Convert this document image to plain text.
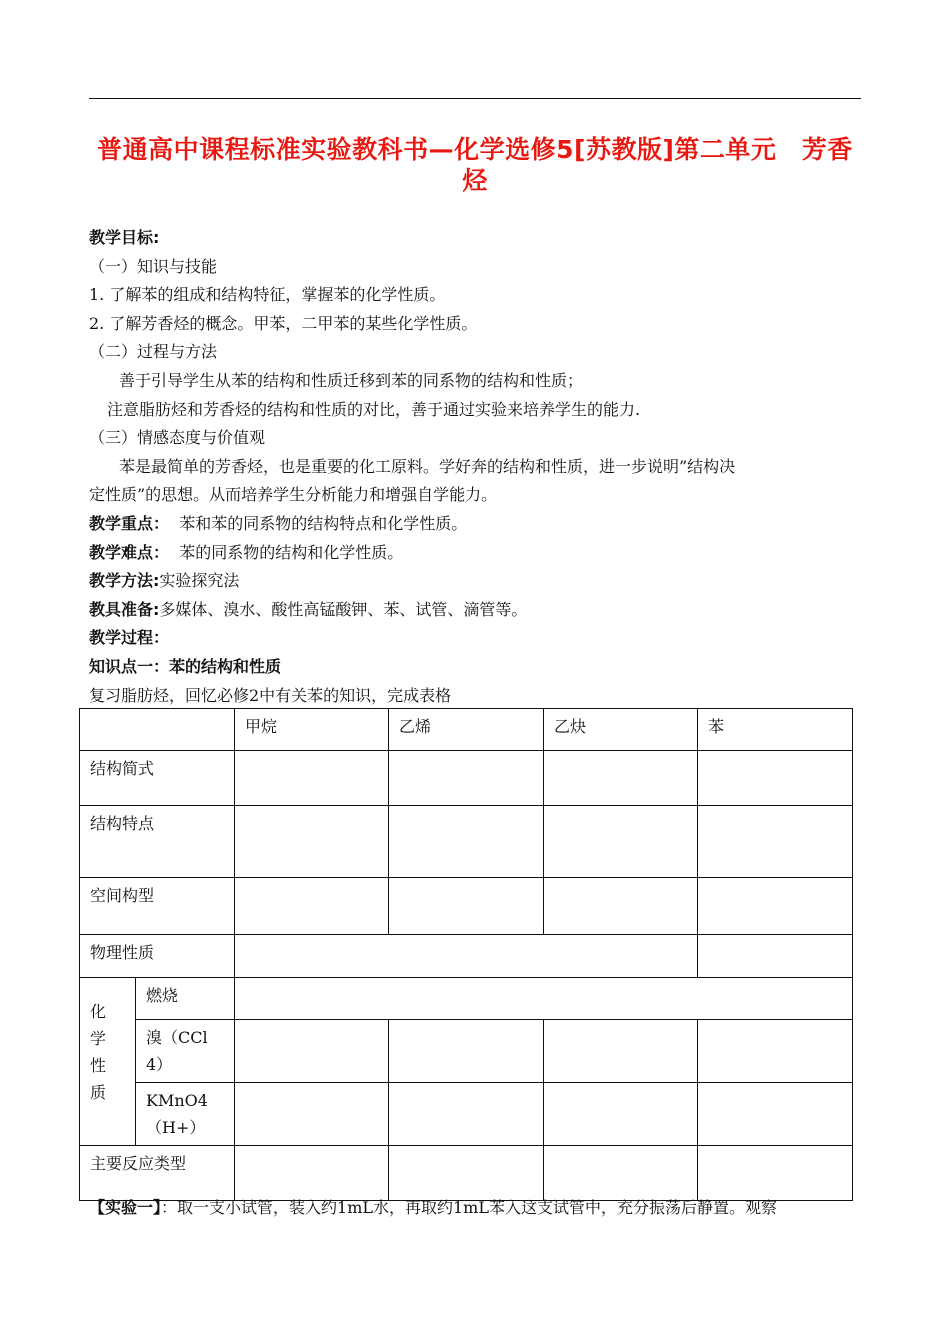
普通高中课程标准实验教科书—化学选修5[苏教版]第二单元　芳香
烃

教学目标:

（一）知识与技能

1. 了解苯的组成和结构特征，掌握苯的化学性质。

2. 了解芳香烃的概念。甲苯，二甲苯的某些化学性质。

（二）过程与方法

善于引导学生从苯的结构和性质迁移到苯的同系物的结构和性质；

注意脂肪烃和芳香烃的结构和性质的对比，善于通过实验来培养学生的能力.

（三）情感态度与价值观

苯是最简单的芳香烃，也是重要的化工原料。学好奔的结构和性质，进一步说明”结构决

定性质”的思想。从而培养学生分析能力和增强自学能力。

教学重点： 苯和苯的同系物的结构特点和化学性质。

教学难点： 苯的同系物的结构和化学性质。

教学方法:实验探究法

教具准备:多媒体、溴水、酸性高锰酸钾、苯、试管、滴管等。

教学过程：

知识点一：苯的结构和性质

复习脂肪烃，回忆必修2中有关苯的知识，完成表格

		甲烷	乙烯	乙炔	苯
结构简式					
结构特点					
空间构型					
物理性质					

化
学
性
质	燃烧				
	溴（CCl4）				
	KMnO4（H+）				
主要反应类型					
【实验一】：取一支小试管，装入约1mL水，再取约1mL苯入这支试管中，充分振荡后静置。观察
